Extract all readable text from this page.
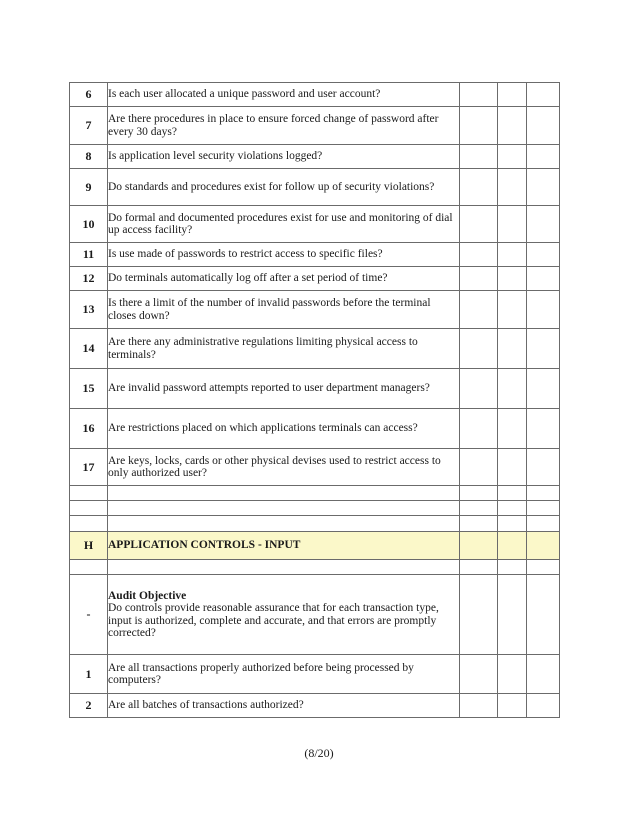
6	Is each user allocated a unique password and user account?			
7	Are there procedures in place to ensure forced change of password after every 30 days?			
8	Is application level security violations logged?			
9	Do standards and procedures exist for follow up of security violations?			
10	Do formal and documented procedures exist for use and monitoring of dial up access facility?			
11	Is use made of passwords to restrict access to specific files?			
12	Do terminals automatically log off after a set period of time?			
13	Is there a limit of the number of invalid passwords before the terminal closes down?			
14	Are there any administrative regulations limiting physical access to terminals?			
15	Are invalid password attempts reported to user department managers?			
16	Are restrictions placed on which applications terminals can access?			
17	Are keys, locks, cards or other physical devises used to restrict access to only authorized user?			

H	APPLICATION CONTROLS - INPUT			

-	Audit Objective
Do controls provide reasonable assurance that for each transaction type, input is authorized, complete and accurate, and that errors are promptly corrected?			
1	Are all transactions properly authorized before being processed by computers?			
2	Are all batches of transactions authorized?			
(8/20)
